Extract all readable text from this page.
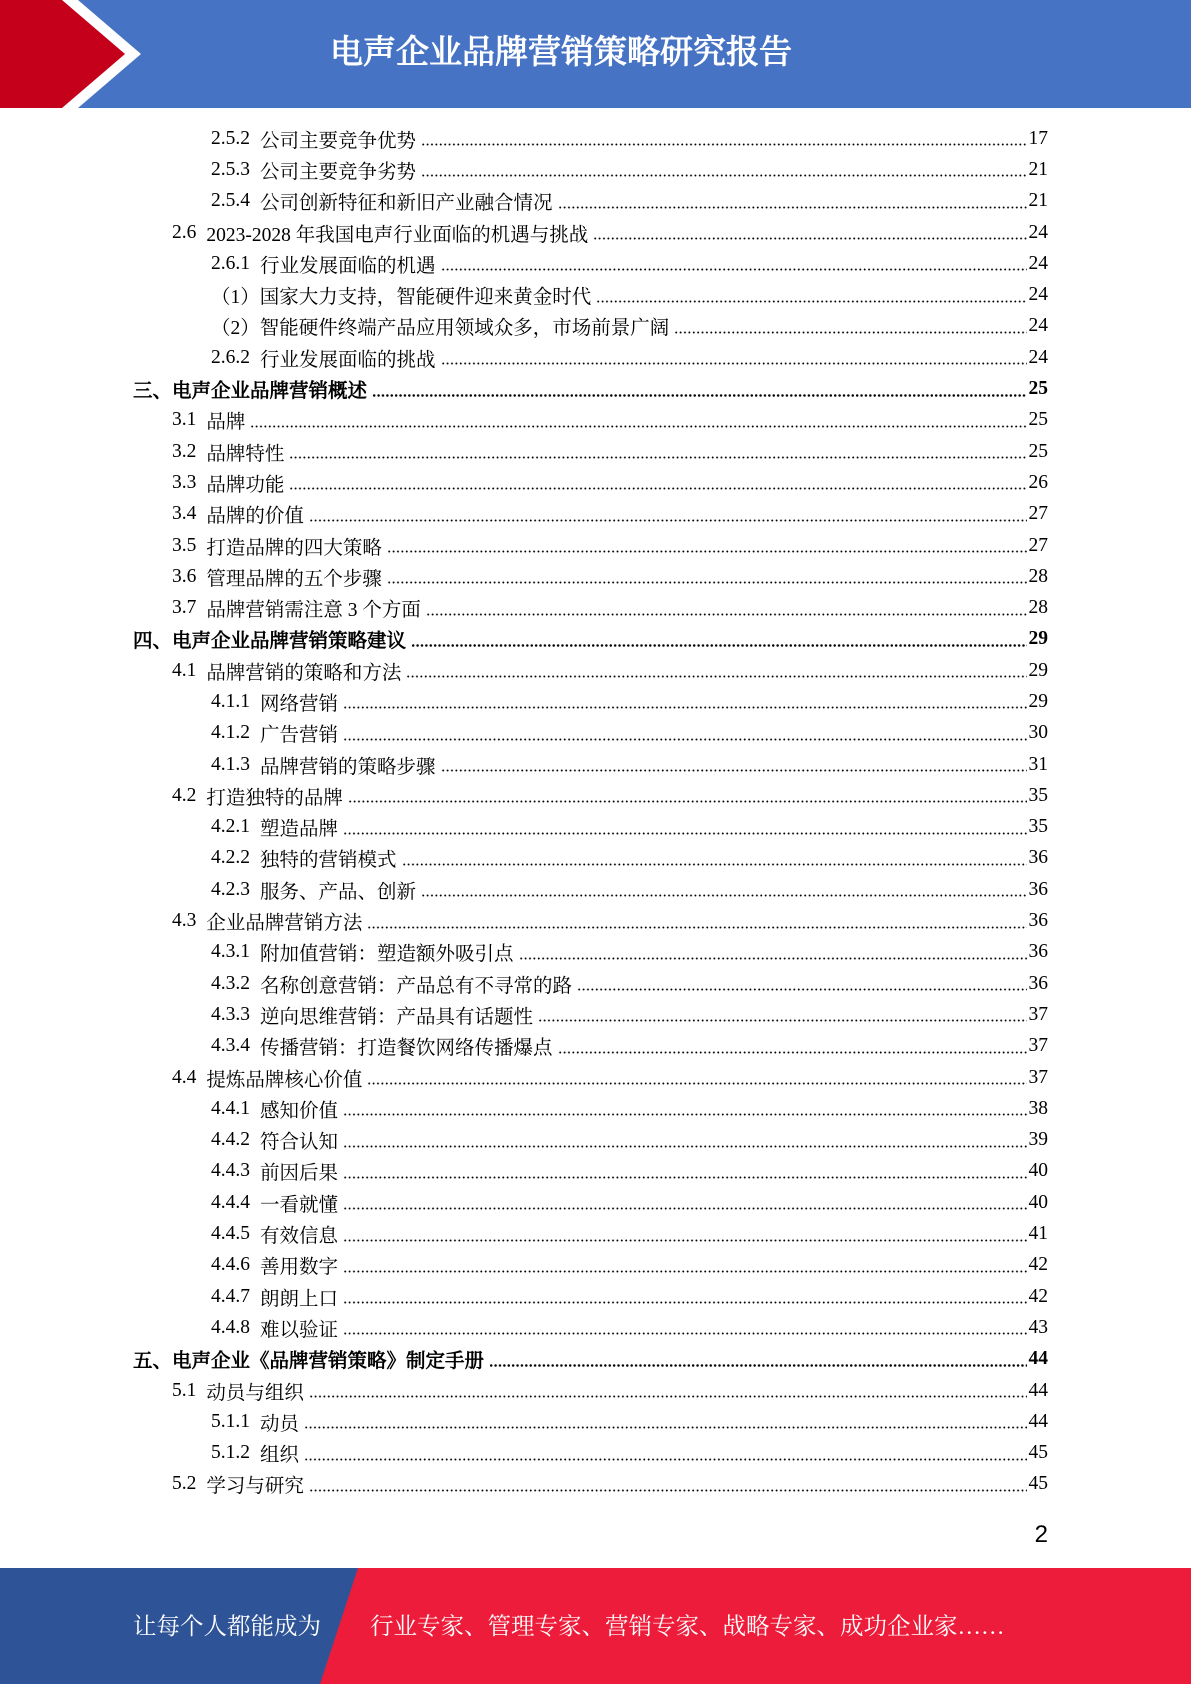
电声企业品牌营销策略研究报告
2.5.2 公司主要竞争优势	17
2.5.3 公司主要竞争劣势	21
2.5.4 公司创新特征和新旧产业融合情况	21
2.6 2023-2028 年我国电声行业面临的机遇与挑战	24
2.6.1 行业发展面临的机遇	24
（1） 国家大力支持，智能硬件迎来黄金时代	24
（2） 智能硬件终端产品应用领域众多，市场前景广阔	24
2.6.2 行业发展面临的挑战	24
三、电声企业品牌营销概述	25
3.1 品牌	25
3.2 品牌特性	25
3.3 品牌功能	26
3.4 品牌的价值	27
3.5 打造品牌的四大策略	27
3.6 管理品牌的五个步骤	28
3.7 品牌营销需注意 3 个方面	28
四、电声企业品牌营销策略建议	29
4.1 品牌营销的策略和方法	29
4.1.1 网络营销	29
4.1.2 广告营销	30
4.1.3 品牌营销的策略步骤	31
4.2 打造独特的品牌	35
4.2.1 塑造品牌	35
4.2.2 独特的营销模式	36
4.2.3 服务、产品、创新	36
4.3 企业品牌营销方法	36
4.3.1 附加值营销：塑造额外吸引点	36
4.3.2 名称创意营销：产品总有不寻常的路	36
4.3.3 逆向思维营销：产品具有话题性	37
4.3.4 传播营销：打造餐饮网络传播爆点	37
4.4 提炼品牌核心价值	37
4.4.1 感知价值	38
4.4.2 符合认知	39
4.4.3 前因后果	40
4.4.4 一看就懂	40
4.4.5 有效信息	41
4.4.6 善用数字	42
4.4.7 朗朗上口	42
4.4.8 难以验证	43
五、电声企业《品牌营销策略》制定手册	44
5.1 动员与组织	44
5.1.1 动员	44
5.1.2 组织	45
5.2 学习与研究	45
2
让每个人都能成为 行业专家、管理专家、营销专家、战略专家、成功企业家……
